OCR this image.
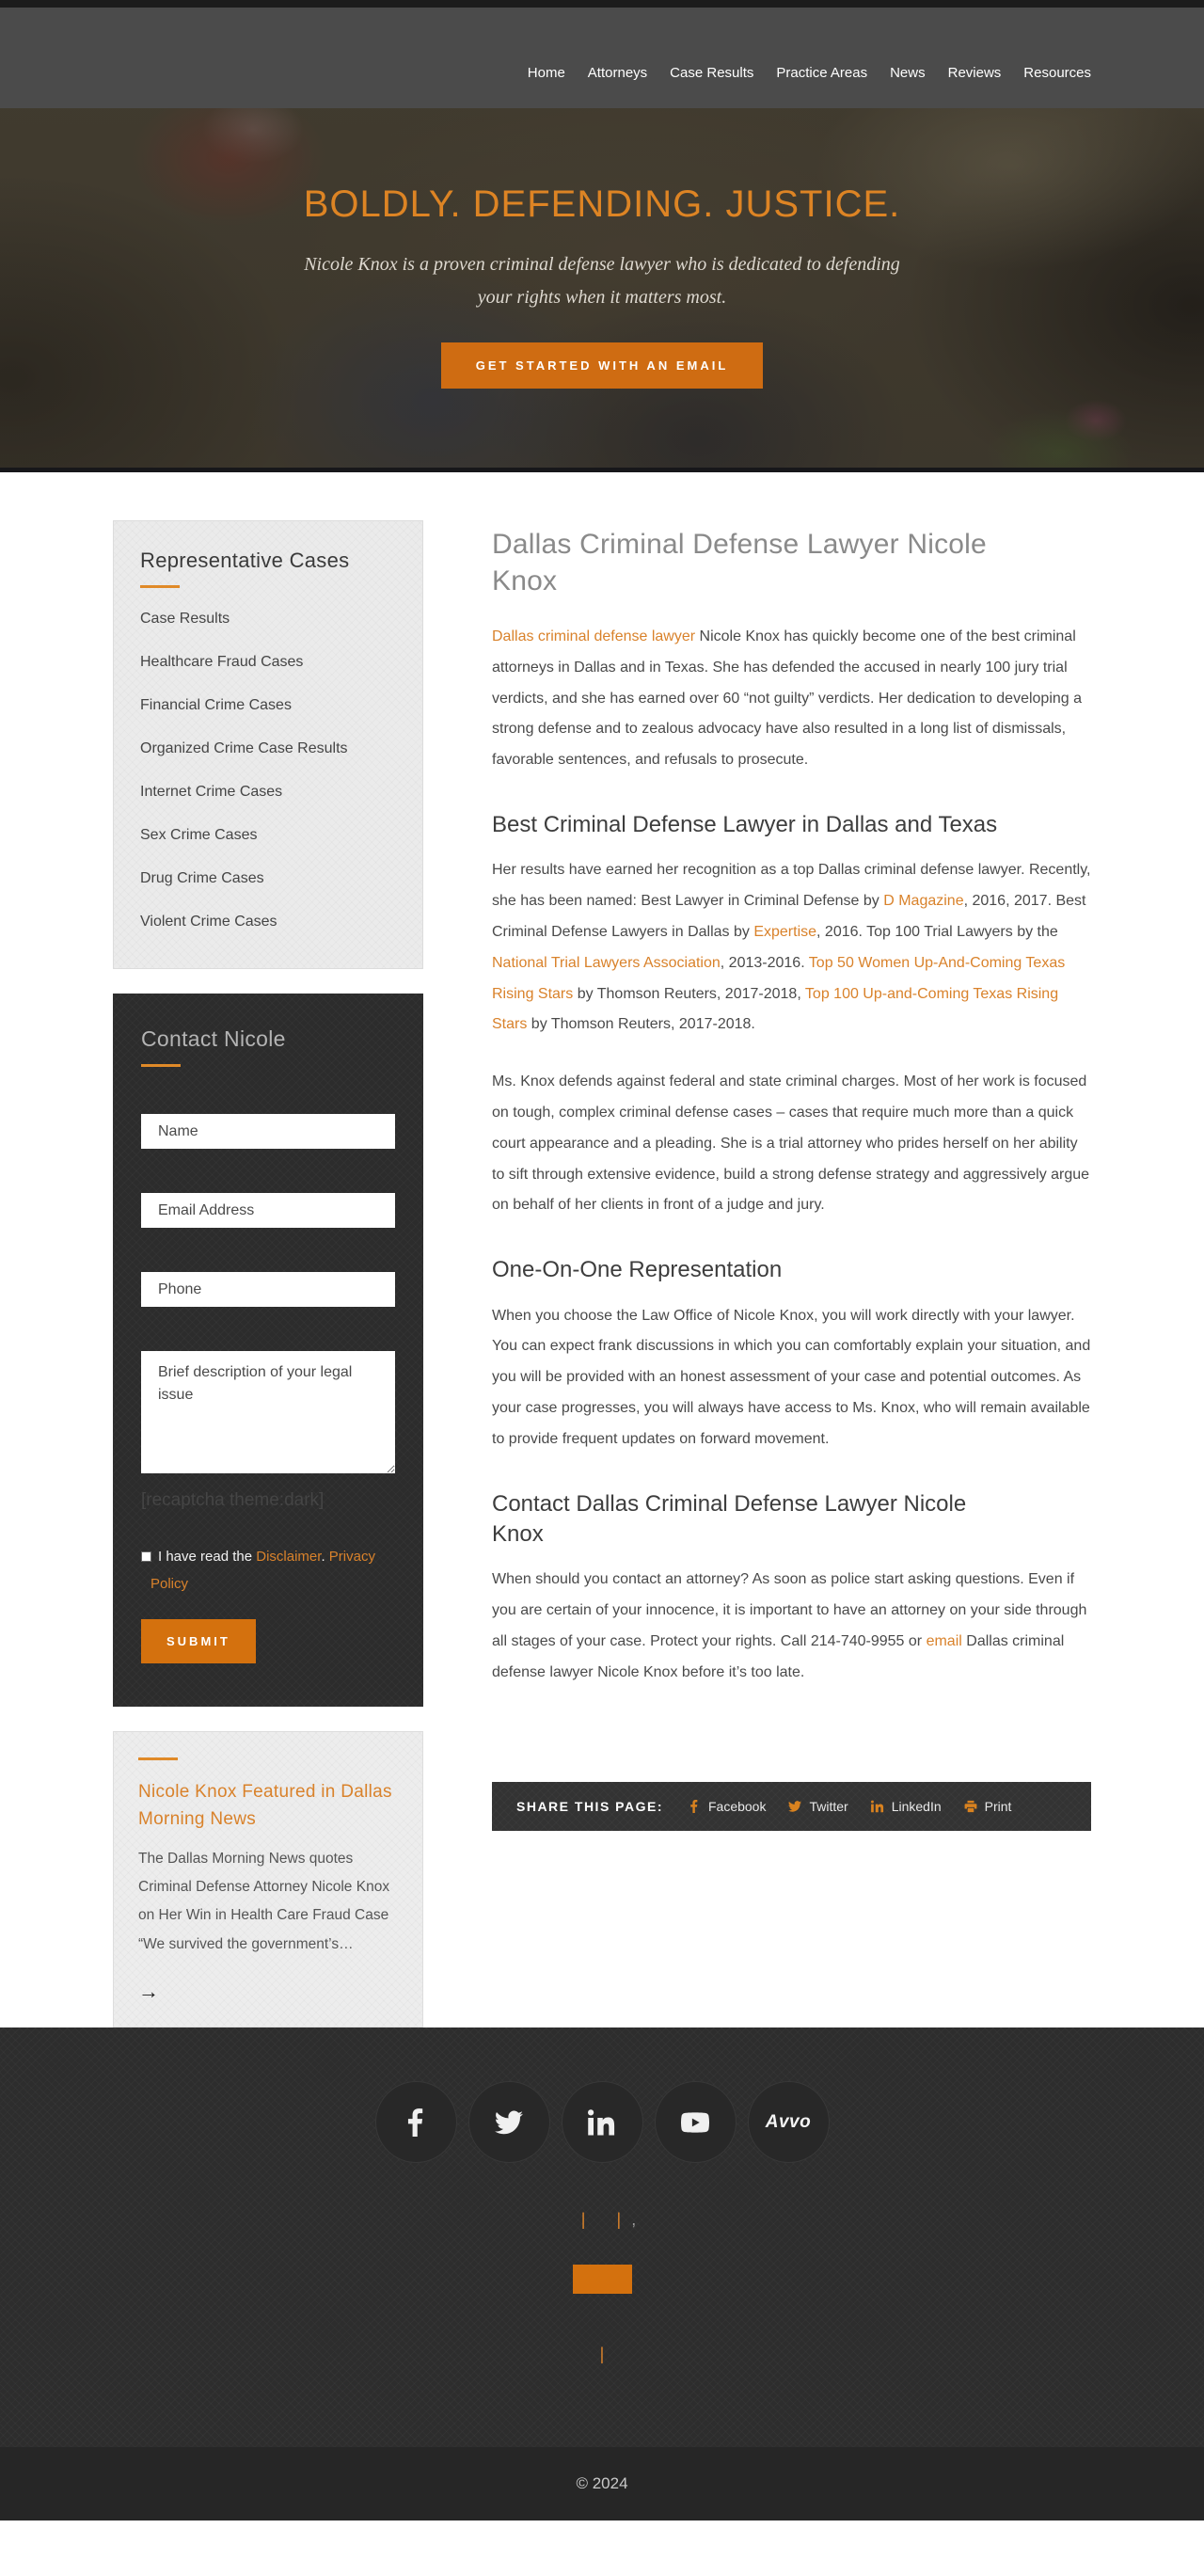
Home	Attorneys	Case Results	Practice Areas	News	Reviews	Resources
BOLDLY. DEFENDING. JUSTICE.
Nicole Knox is a proven criminal defense lawyer who is dedicated to defending your rights when it matters most.
GET STARTED WITH AN EMAIL
Representative Cases
Case Results
Healthcare Fraud Cases
Financial Crime Cases
Organized Crime Case Results
Internet Crime Cases
Sex Crime Cases
Drug Crime Cases
Violent Crime Cases
Contact Nicole
Name
Email Address
Phone
Brief description of your legal issue
[recaptcha theme:dark]
I have read the Disclaimer. Privacy Policy
SUBMIT
Nicole Knox Featured in Dallas Morning News
The Dallas Morning News quotes Criminal Defense Attorney Nicole Knox on Her Win in Health Care Fraud Case “We survived the government’s…
→
Dallas Criminal Defense Lawyer Nicole Knox

Dallas criminal defense lawyer Nicole Knox has quickly become one of the best criminal attorneys in Dallas and in Texas. She has defended the accused in nearly 100 jury trial verdicts, and she has earned over 60 “not guilty” verdicts. Her dedication to developing a strong defense and to zealous advocacy have also resulted in a long list of dismissals, favorable sentences, and refusals to prosecute.

Best Criminal Defense Lawyer in Dallas and Texas

Her results have earned her recognition as a top Dallas criminal defense lawyer. Recently, she has been named: Best Lawyer in Criminal Defense by D Magazine, 2016, 2017. Best Criminal Defense Lawyers in Dallas by Expertise, 2016. Top 100 Trial Lawyers by the National Trial Lawyers Association, 2013-2016. Top 50 Women Up-And-Coming Texas Rising Stars by Thomson Reuters, 2017-2018, Top 100 Up-and-Coming Texas Rising Stars by Thomson Reuters, 2017-2018.

Ms. Knox defends against federal and state criminal charges. Most of her work is focused on tough, complex criminal defense cases – cases that require much more than a quick court appearance and a pleading. She is a trial attorney who prides herself on her ability to sift through extensive evidence, build a strong defense strategy and aggressively argue on behalf of her clients in front of a judge and jury.

One-On-One Representation

When you choose the Law Office of Nicole Knox, you will work directly with your lawyer. You can expect frank discussions in which you can comfortably explain your situation, and you will be provided with an honest assessment of your case and potential outcomes. As your case progresses, you will always have access to Ms. Knox, who will remain available to provide frequent updates on forward movement.

Contact Dallas Criminal Defense Lawyer Nicole Knox

When should you contact an attorney? As soon as police start asking questions. Even if you are certain of your innocence, it is important to have an attorney on your side through all stages of your case. Protect your rights. Call 214-740-9955 or email Dallas criminal defense lawyer Nicole Knox before it’s too late.

SHARE THIS PAGE:	Facebook	Twitter	LinkedIn	Print
Avvo
| | ,
|
© 2024
